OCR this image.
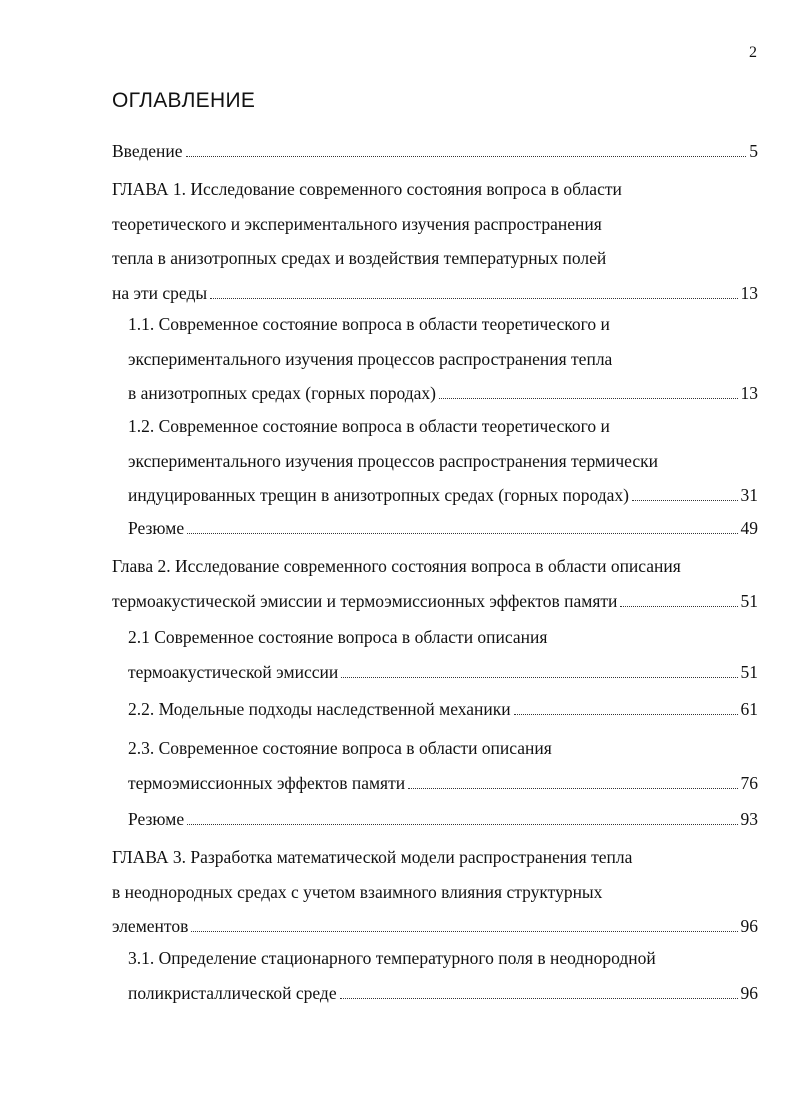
2
ОГЛАВЛЕНИЕ
Введение	5
ГЛАВА 1. Исследование современного состояния вопроса в области
теоретического и экспериментального изучения распространения
тепла в анизотропных средах и воздействия температурных полей
на эти среды	13
1.1. Современное состояние вопроса в области теоретического и
экспериментального изучения процессов распространения тепла
в анизотропных средах (горных породах)	13
1.2. Современное состояние вопроса в области теоретического и
экспериментального изучения процессов распространения термически
индуцированных трещин в анизотропных средах (горных породах)	31
Резюме	49
Глава 2. Исследование современного состояния вопроса в области описания
термоакустической эмиссии и термоэмиссионных эффектов памяти	51
2.1 Современное состояние вопроса в области описания
термоакустической эмиссии	51
2.2. Модельные подходы наследственной механики	61
2.3. Современное состояние вопроса в области описания
термоэмиссионных эффектов памяти	76
Резюме	93
ГЛАВА 3. Разработка математической модели распространения тепла
в неоднородных средах с учетом взаимного влияния структурных
элементов	96
3.1. Определение стационарного температурного поля в неоднородной
поликристаллической среде	96
